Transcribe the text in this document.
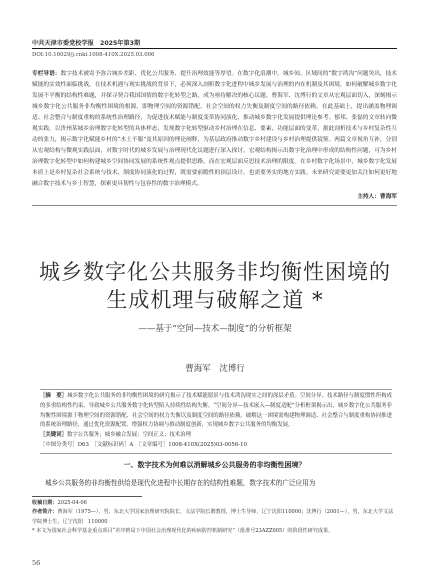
中共天津市委党校学报　2025年第3期
DOI:10.16029/j.cnki.1008-410X.2025.03.006
专栏导语：数字技术被寄予弥合城乡差距、优化公共服务、提升治理效能等厚望。在数字化浪潮中，城乡间、区域间的“数字鸿沟”问题突出，技术赋能的实效性面临挑战。在技术机遇与现实挑战的背景下，必须深入剖析数字化进程中城乡发展与治理的内在机制及其困境，如何破解城乡数字化发展不平衡的结构性难题，并探寻契合我国国情的数字化转型之路，成为亟待解决的核心议题。曹海军、沈博行的文章从宏观层面切入，深刻揭示城乡数字化公共服务非均衡性困境的根源，即物理空间的资源错配、社会空间的权力失衡及制度空间的路径依赖。在此基础上，提出涵盖物理调适、社会整合与制度重构的系统性治理路径，为促进技术赋能与制度变革协同演化、推动城乡数字化发展提供理论参考。郁邦、张磊的文章转向微观实践，以贵州某城乡治理数字化转型的具体样态，发现数字化转型驱动乡村治理在信息、要素、功能层面的变革，据此剖析技术与乡村复杂性互动的张力，揭示数字化赋能乡村的“水土不服”及其原因的理论阐释，为基层政府推动数字乡村建设与乡村治理提供镜鉴。两篇文章视角互补，分别从宏观结构与微观实践层面，对数字时代的城乡发展与治理现代化议题进行深入探讨。宏观结构揭示出数字化治理中形成的结构性问题，可为乡村治理数字化转型中如何构建城乡空间协同发展的系统性观点提供思路，而在宏观层面反思技术治理的限度。在乡村数字化场景中，城乡数字化发展本质上是乡村复杂社会系统与技术、制度协同演化的过程，既需要前瞻性的顶层设计，也需要务实的地方实践。未来研究需要更加关注如何更好地融合数字技术与乡土智慧，探索更具韧性与包容性的数字治理模式。
主持人：曹海军
城乡数字化公共服务非均衡性困境的
生成机理与破解之道 *
——基于“空间—技术—制度”的分析框架
曹海军　沈博行
［摘　要］城乡数字化公共服务的非均衡性困境的研究揭示了技术赋能愿景与技术鸿沟现实之间的深层矛盾。空间分异、技术路径与制度惯性所构成的多重结构性约束，导致城乡公共服务数字化转型陷入持续性结构失衡。“空间分异—技术嵌入—制度适配”分析框架揭示出，城乡数字化公共服务非均衡性困境源于物理空间的资源错配、社会空间的权力失衡以及制度空间的路径依赖。破解这一困境需构建物理调适、社会整合与制度重构协同推进的系统治理路径，通过优化资源配置、增强权力协调与推动制度创新，实现城乡数字公共服务的均衡发展。
［关键词］数字公共服务；城乡融合发展；空间正义；技术治理
［中图分类号］D63　［文献标识码］A　［文章编号］1008-410X(2025)03-0056-10
一、数字技术为何难以消解城乡公共服务的非均衡性困境？
城乡公共服务的非均衡性供给是现代化进程中长期存在的结构性难题，数字技术的广泛应用为
收稿日期：2025-04-06
作者简介：曹海军（1975—），男，东北大学国家治理研究院院长、文法学院长聘教授，博士生导师，辽宁沈阳110000；沈博行（2001—），男，东北大学文法学院博士生，辽宁沈阳　110000
* 本文为国家社会科学基金重点项目“差序格局下中国社会治理现代化的疾病防控机制研究”（批准号23AZZ005）的阶段性研究成果。
56
